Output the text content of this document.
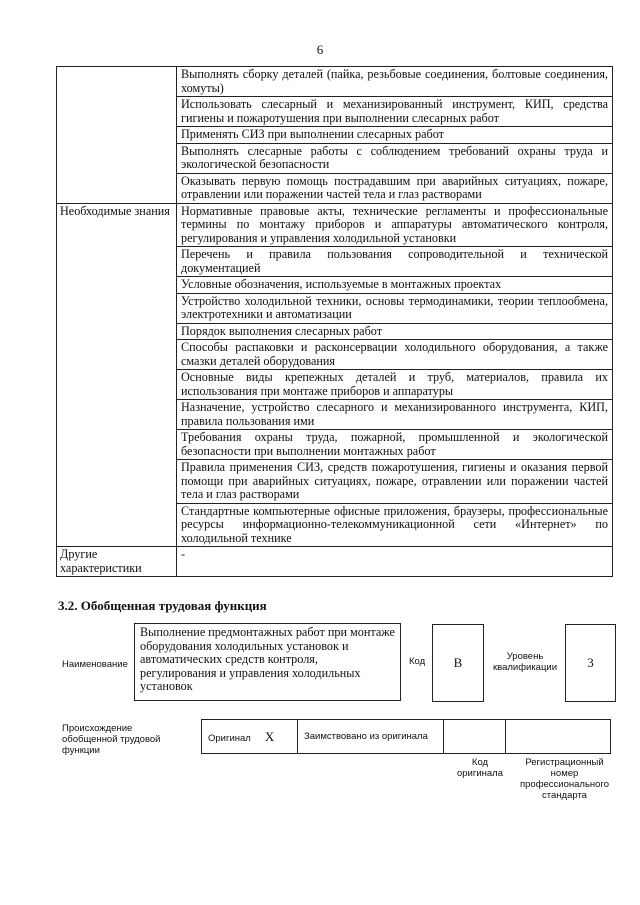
6
	Выполнять сборку деталей (пайка, резьбовые соединения, болтовые соединения, хомуты)
	Использовать слесарный и механизированный инструмент, КИП, средства гигиены и пожаротушения при выполнении слесарных работ
	Применять СИЗ при выполнении слесарных работ
	Выполнять слесарные работы с соблюдением требований охраны труда и экологической безопасности
	Оказывать первую помощь пострадавшим при аварийных ситуациях, пожаре, отравлении или поражении частей тела и глаз растворами
Необходимые знания	Нормативные правовые акты, технические регламенты и профессиональные термины по монтажу приборов и аппаратуры автоматического контроля, регулирования и управления холодильной установки
	Перечень и правила пользования сопроводительной и технической документацией
	Условные обозначения, используемые в монтажных проектах
	Устройство холодильной техники, основы термодинамики, теории теплообмена, электротехники и автоматизации
	Порядок выполнения слесарных работ
	Способы распаковки и расконсервации холодильного оборудования, а также смазки деталей оборудования
	Основные виды крепежных деталей и труб, материалов, правила их использования при монтаже приборов и аппаратуры
	Назначение, устройство слесарного и механизированного инструмента, КИП, правила пользования ими
	Требования охраны труда, пожарной, промышленной и экологической безопасности при выполнении монтажных работ
	Правила применения СИЗ, средств пожаротушения, гигиены и оказания первой помощи при аварийных ситуациях, пожаре, отравлении или поражении частей тела и глаз растворами
	Стандартные компьютерные офисные приложения, браузеры, профессиональные ресурсы информационно-телекоммуникационной сети «Интернет» по холодильной технике
Другие характеристики	-
3.2. Обобщенная трудовая функция
Наименование
Выполнение предмонтажных работ при монтаже оборудования холодильных установок и автоматических средств контроля, регулирования и управления холодильных установок
Код	B	Уровень квалификации	3
Происхождение обобщенной трудовой функции
Оригинал X	Заимствовано из оригинала		
Код оригинала
Регистрационный номер профессионального стандарта
